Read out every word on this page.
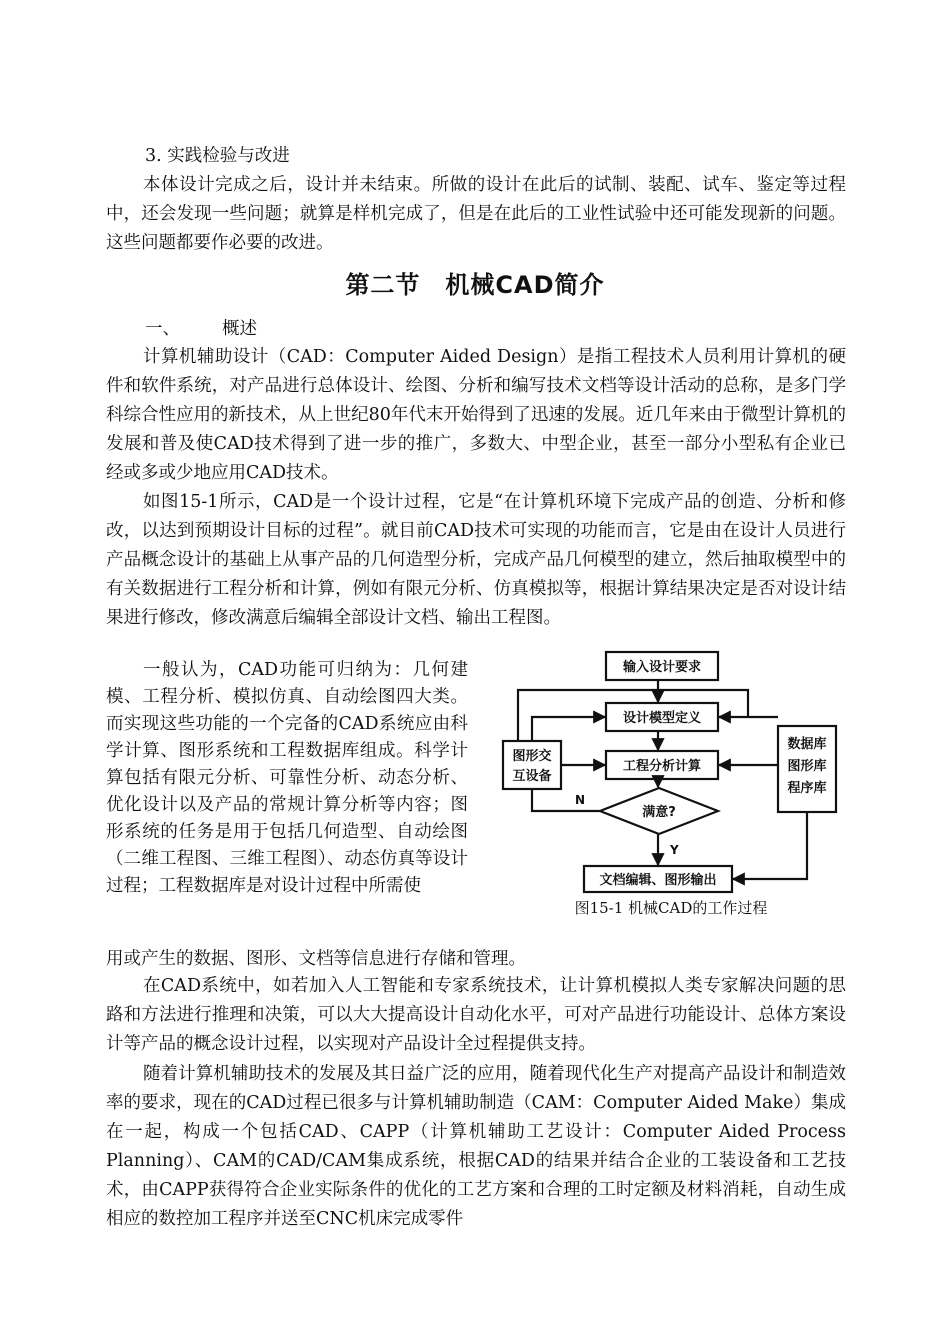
3. 实践检验与改进

本体设计完成之后，设计并未结束。所做的设计在此后的试制、装配、试车、鉴定等过程中，还会发现一些问题；就算是样机完成了，但是在此后的工业性试验中还可能发现新的问题。这些问题都要作必要的改进。

第二节　机械CAD简介

一、 概述

计算机辅助设计（CAD：Computer Aided Design）是指工程技术人员利用计算机的硬件和软件系统，对产品进行总体设计、绘图、分析和编写技术文档等设计活动的总称，是多门学科综合性应用的新技术，从上世纪80年代末开始得到了迅速的发展。近几年来由于微型计算机的发展和普及使CAD技术得到了进一步的推广，多数大、中型企业，甚至一部分小型私有企业已经或多或少地应用CAD技术。

如图15-1所示，CAD是一个设计过程，它是“在计算机环境下完成产品的创造、分析和修改，以达到预期设计目标的过程”。就目前CAD技术可实现的功能而言，它是由在设计人员进行产品概念设计的基础上从事产品的几何造型分析，完成产品几何模型的建立，然后抽取模型中的有关数据进行工程分析和计算，例如有限元分析、仿真模拟等，根据计算结果决定是否对设计结果进行修改，修改满意后编辑全部设计文档、输出工程图。

一般认为，CAD功能可归纳为：几何建模、工程分析、模拟仿真、自动绘图四大类。而实现这些功能的一个完备的CAD系统应由科学计算、图形系统和工程数据库组成。科学计算包括有限元分析、可靠性分析、动态分析、优化设计以及产品的常规计算分析等内容；图形系统的任务是用于包括几何造型、自动绘图（二维工程图、三维工程图）、动态仿真等设计过程；工程数据库是对设计过程中所需使

用或产生的数据、图形、文档等信息进行存储和管理。

输入设计要求
设计模型定义
工程分析计算
满意?
文档编辑、图形输出
图形交
互设备
数据库
图形库
程序库
N
Y

图15-1 机械CAD的工作过程

在CAD系统中，如若加入人工智能和专家系统技术，让计算机模拟人类专家解决问题的思路和方法进行推理和决策，可以大大提高设计自动化水平，可对产品进行功能设计、总体方案设计等产品的概念设计过程，以实现对产品设计全过程提供支持。

随着计算机辅助技术的发展及其日益广泛的应用，随着现代化生产对提高产品设计和制造效率的要求，现在的CAD过程已很多与计算机辅助制造（CAM：Computer Aided Make）集成在一起，构成一个包括CAD、CAPP（计算机辅助工艺设计：Computer Aided Process Planning）、CAM的CAD/CAM集成系统，根据CAD的结果并结合企业的工装设备和工艺技术，由CAPP获得符合企业实际条件的优化的工艺方案和合理的工时定额及材料消耗，自动生成相应的数控加工程序并送至CNC机床完成零件
